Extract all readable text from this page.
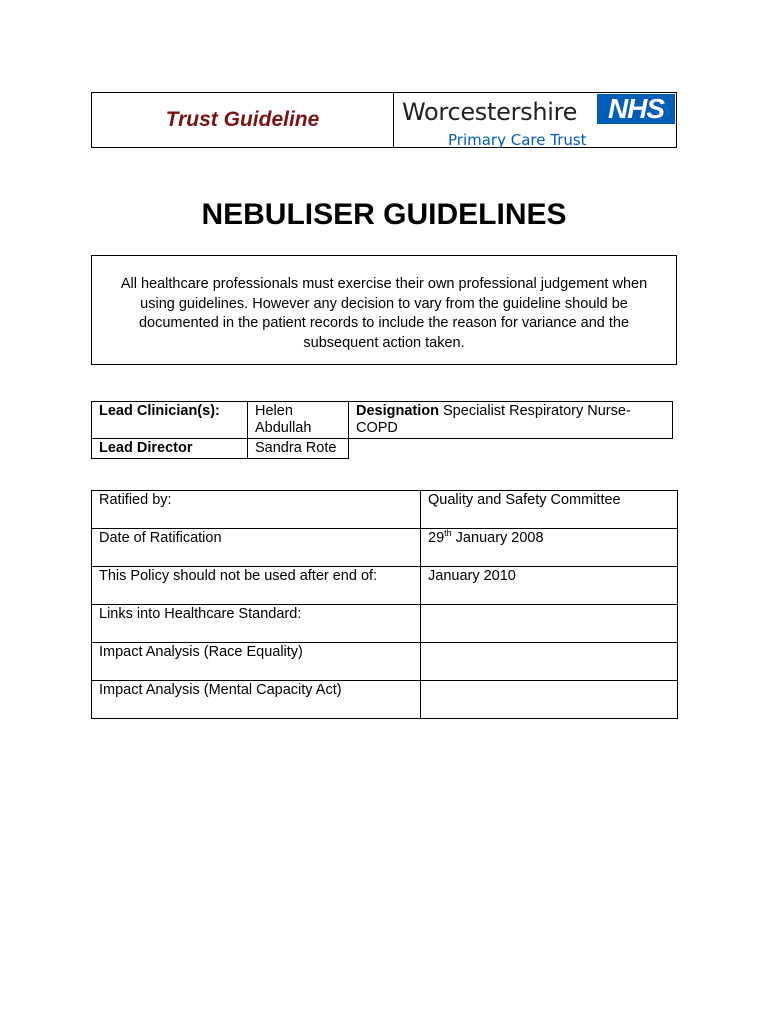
Trust Guideline	Worcestershire	NHS
Primary Care Trust
NEBULISER GUIDELINES
All healthcare professionals must exercise their own professional judgement when using guidelines. However any decision to vary from the guideline should be documented in the patient records to include the reason for variance and the subsequent action taken.
Lead Clinician(s):	Helen Abdullah	Designation Specialist Respiratory Nurse-COPD
Lead Director	Sandra Rote	
Ratified by:	Quality and Safety Committee
Date of Ratification	29th January 2008
This Policy should not be used after end of:	January 2010
Links into Healthcare Standard:	
Impact Analysis (Race Equality)	
Impact Analysis (Mental Capacity Act)	
